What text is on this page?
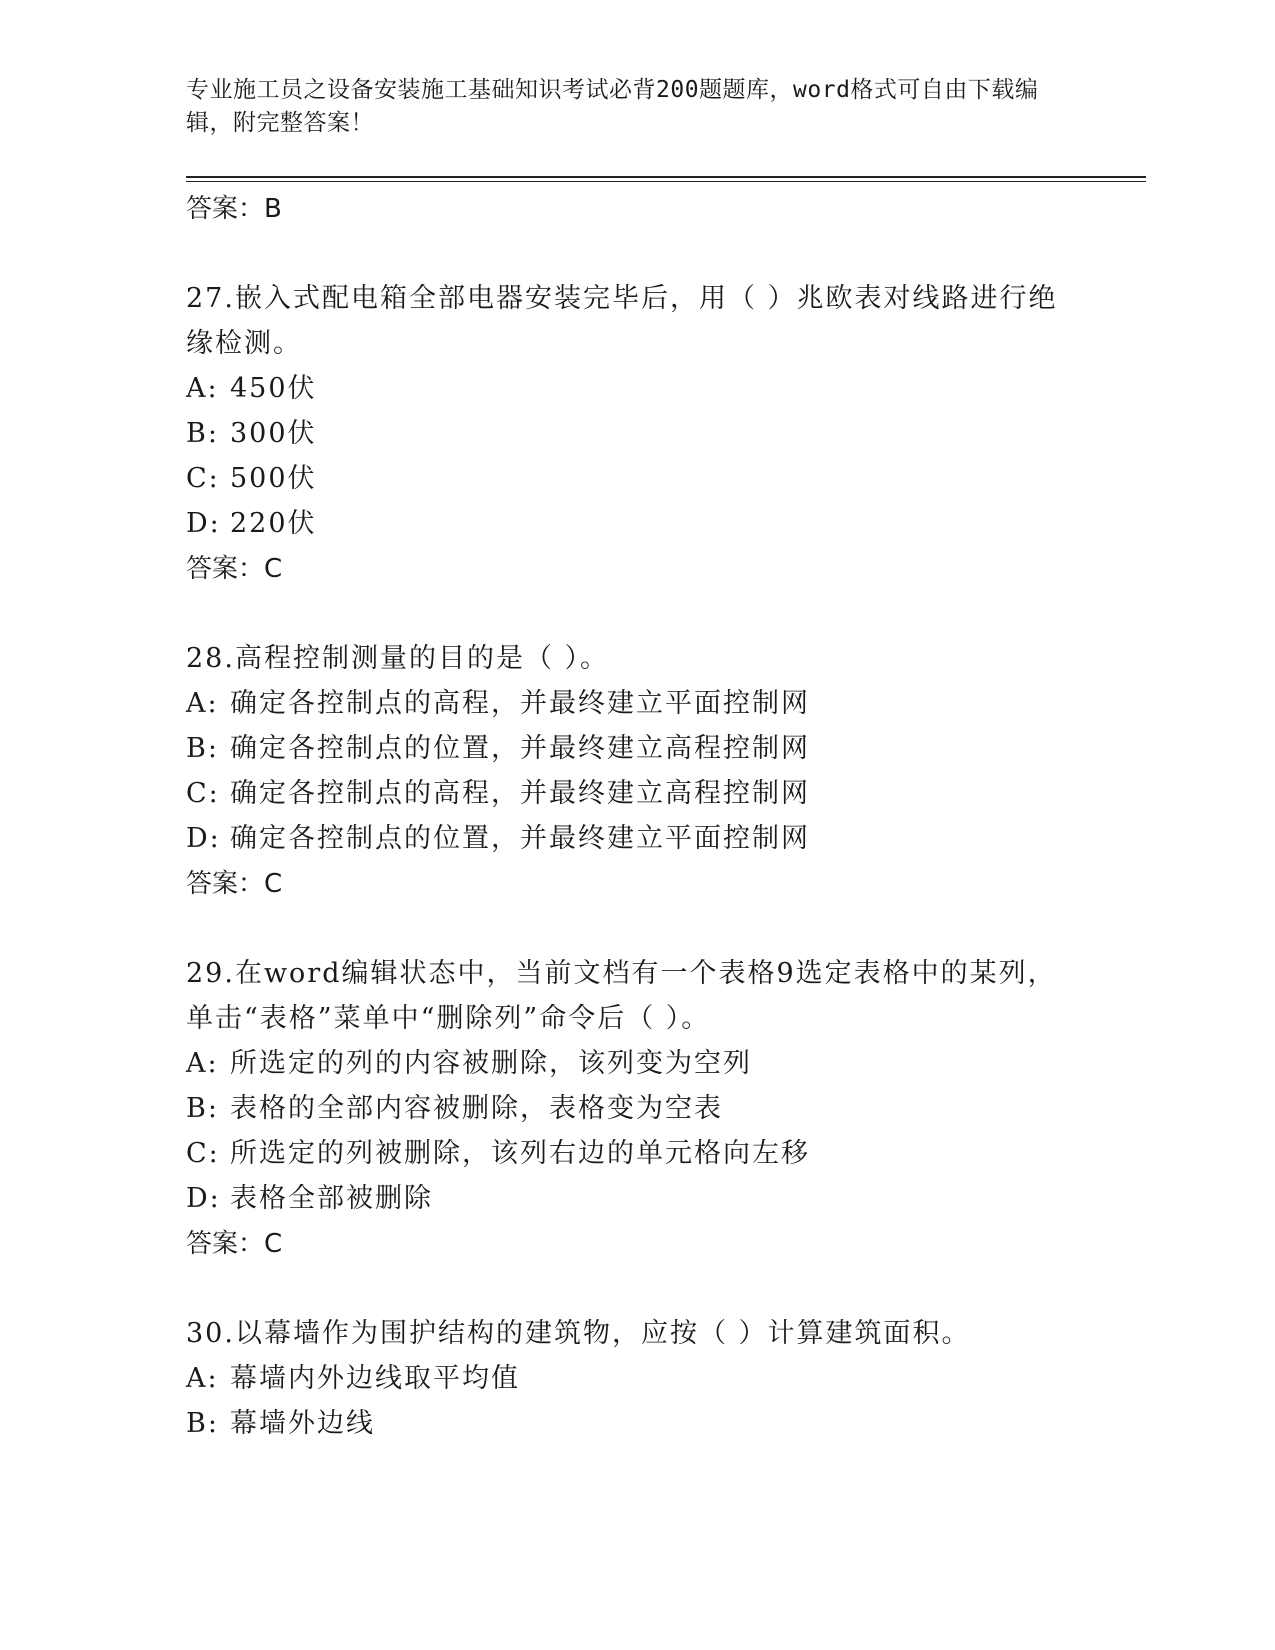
专业施工员之设备安装施工基础知识考试必背200题题库，word格式可自由下载编辑，附完整答案！
答案：B
27.嵌入式配电箱全部电器安装完毕后，用（ ）兆欧表对线路进行绝缘检测。
A: 450伏
B: 300伏
C: 500伏
D: 220伏
答案：C
28.高程控制测量的目的是（ ）。
A: 确定各控制点的高程，并最终建立平面控制网
B: 确定各控制点的位置，并最终建立高程控制网
C: 确定各控制点的高程，并最终建立高程控制网
D: 确定各控制点的位置，并最终建立平面控制网
答案：C
29.在word编辑状态中，当前文档有一个表格9选定表格中的某列，单击“表格”菜单中“删除列”命令后（ ）。
A: 所选定的列的内容被删除，该列变为空列
B: 表格的全部内容被删除，表格变为空表
C: 所选定的列被删除，该列右边的单元格向左移
D: 表格全部被删除
答案：C
30.以幕墙作为围护结构的建筑物，应按（ ）计算建筑面积。
A: 幕墙内外边线取平均值
B: 幕墙外边线
